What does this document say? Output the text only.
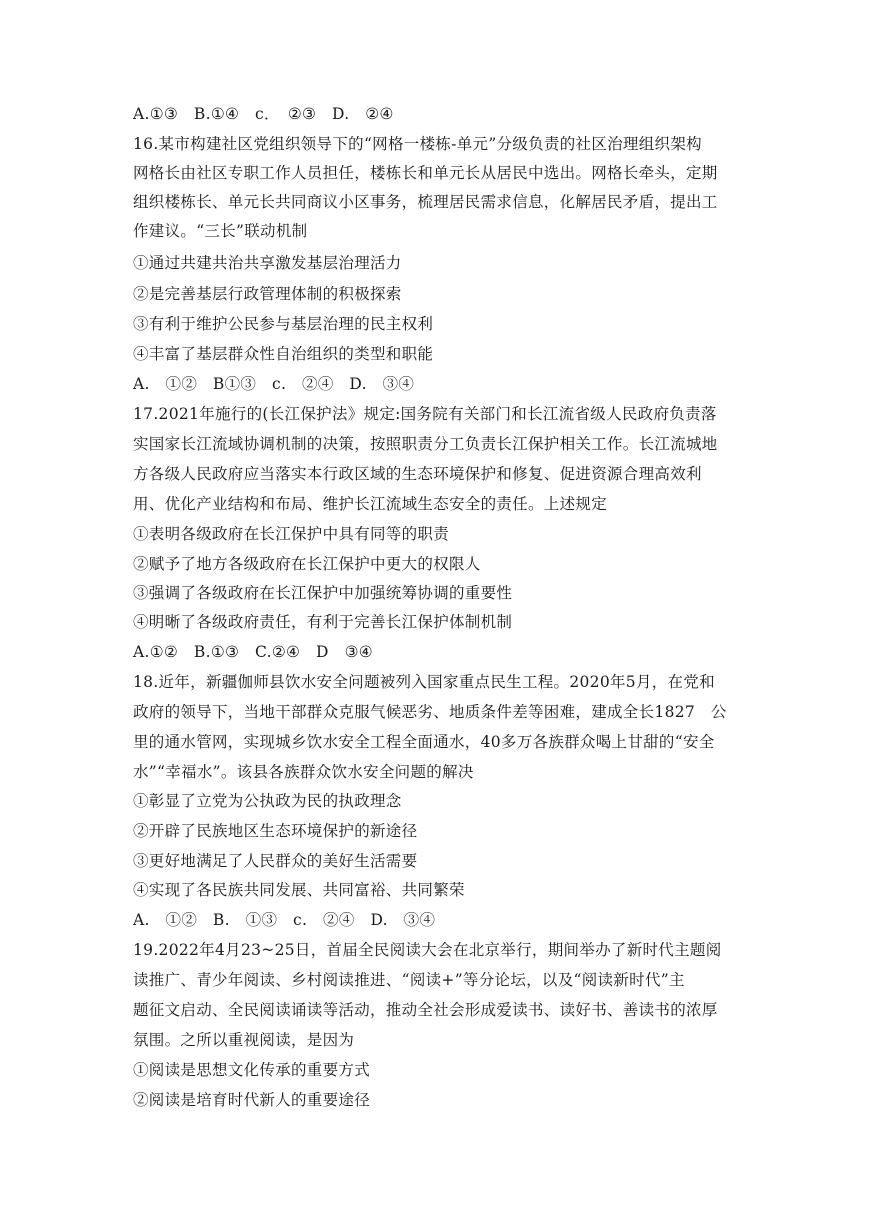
A.①③　B.①④　c．　②③　D.　②④
16.某市构建社区党组织领导下的“网格一楼栋-单元”分级负责的社区治理组织架构
网格长由社区专职工作人员担任，楼栋长和单元长从居民中选出。网格长牵头，定期
组织楼栋长、单元长共同商议小区事务，梳理居民需求信息，化解居民矛盾，提出工
作建议。“三长”联动机制
①通过共建共治共享激发基层治理活力
②是完善基层行政管理体制的积极探索
③有利于维护公民参与基层治理的民主权利
④丰富了基层群众性自治组织的类型和职能
A.　①②　B①③　c.　②④　D.　③④
17.2021年施行的(长江保护法》规定:国务院有关部门和长江流省级人民政府负责落
实国家长江流域协调机制的决策，按照职责分工负责长江保护相关工作。长江流城地
方各级人民政府应当落实本行政区域的生态环境保护和修复、促进资源合理高效利
用、优化产业结构和布局、维护长江流域生态安全的责任。上述规定
①表明各级政府在长江保护中具有同等的职责
②赋予了地方各级政府在长江保护中更大的权限人
③强调了各级政府在长江保护中加强统筹协调的重要性
④明晰了各级政府责任，有利于完善长江保护体制机制
A.①②　B.①③　C.②④　D　③④
18.近年，新疆伽师县饮水安全问题被列入国家重点民生工程。2020年5月，在党和
政府的领导下，当地干部群众克服气候恶劣、地质条件差等困难，建成全长1827　公
里的通水管网，实现城乡饮水安全工程全面通水，40多万各族群众喝上甘甜的“安全
水”“幸福水”。该县各族群众饮水安全问题的解决
①彰显了立党为公执政为民的执政理念
②开辟了民族地区生态环境保护的新途径
③更好地满足了人民群众的美好生活需要
④实现了各民族共同发展、共同富裕、共同繁荣
A.　①②　B.　①③　c.　②④　D.　③④
19.2022年4月23~25日，首届全民阅读大会在北京举行，期间举办了新时代主题阅
读推广、青少年阅读、乡村阅读推进、“阅读+”等分论坛，以及“阅读新时代”主
题征文启动、全民阅读诵读等活动，推动全社会形成爱读书、读好书、善读书的浓厚
氛围。之所以重视阅读，是因为
①阅读是思想文化传承的重要方式
②阅读是培育时代新人的重要途径
